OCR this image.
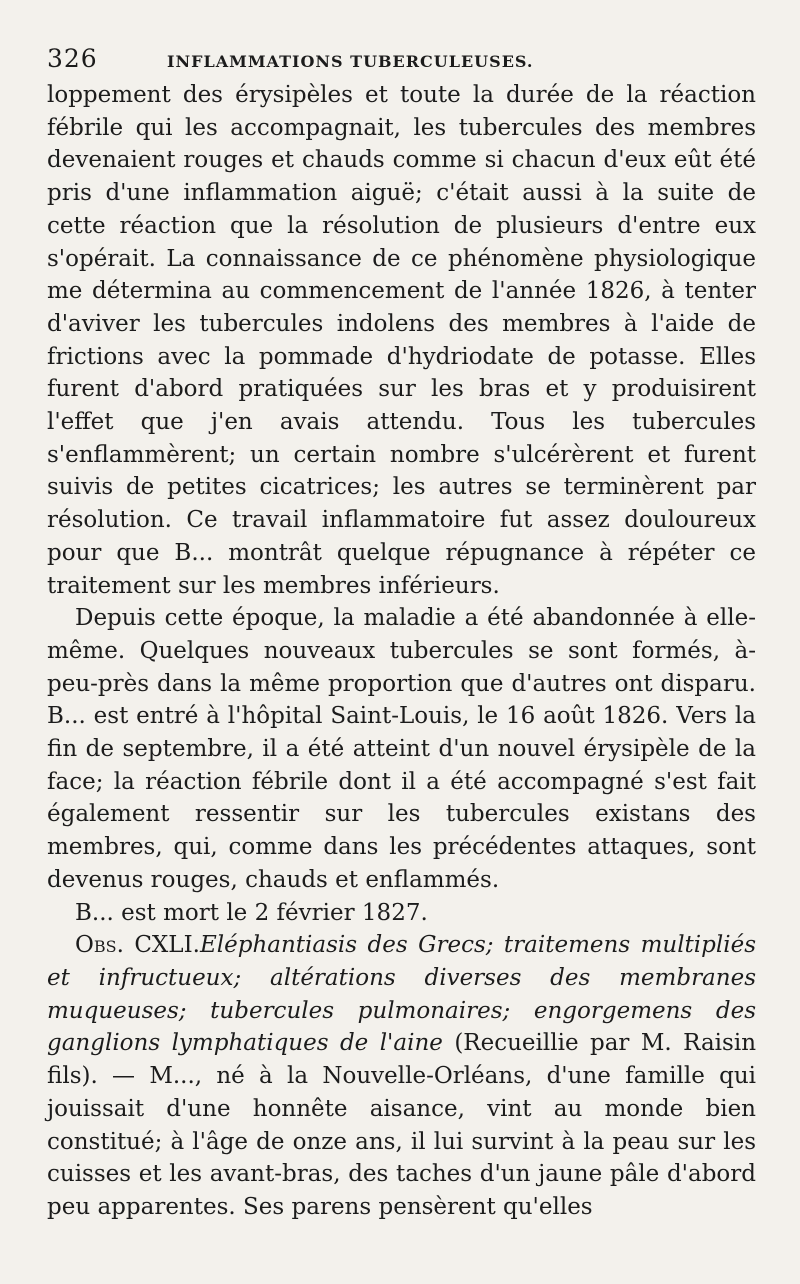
326	INFLAMMATIONS TUBERCULEUSES.

loppement des érysipèles et toute la durée de la réaction fébrile qui les accompagnait, les tubercules des membres devenaient rouges et chauds comme si chacun d'eux eût été pris d'une inflammation aiguë; c'était aussi à la suite de cette réaction que la résolution de plusieurs d'entre eux s'opérait. La connaissance de ce phénomène physiologique me détermina au commencement de l'année 1826, à tenter d'aviver les tubercules indolens des membres à l'aide de frictions avec la pommade d'hydriodate de potasse. Elles furent d'abord pratiquées sur les bras et y produisirent l'effet que j'en avais attendu. Tous les tubercules s'enflammèrent; un certain nombre s'ulcérèrent et furent suivis de petites cicatrices; les autres se terminèrent par résolution. Ce travail inflammatoire fut assez douloureux pour que B... montrât quelque répugnance à répéter ce traitement sur les membres inférieurs.

Depuis cette époque, la maladie a été abandonnée à elle-même. Quelques nouveaux tubercules se sont formés, à-peu-près dans la même proportion que d'autres ont disparu. B... est entré à l'hôpital Saint-Louis, le 16 août 1826. Vers la fin de septembre, il a été atteint d'un nouvel érysipèle de la face; la réaction fébrile dont il a été accompagné s'est fait également ressentir sur les tubercules existans des membres, qui, comme dans les précédentes attaques, sont devenus rouges, chauds et enflammés.

B... est mort le 2 février 1827.

Obs. CXLI.Eléphantiasis des Grecs; traitemens multipliés et infructueux; altérations diverses des membranes muqueuses; tubercules pulmonaires; engorgemens des ganglions lymphatiques de l'aine (Recueillie par M. Raisin fils). — M..., né à la Nouvelle-Orléans, d'une famille qui jouissait d'une honnête aisance, vint au monde bien constitué; à l'âge de onze ans, il lui survint à la peau sur les cuisses et les avant-bras, des taches d'un jaune pâle d'abord peu apparentes. Ses parens pensèrent qu'elles
